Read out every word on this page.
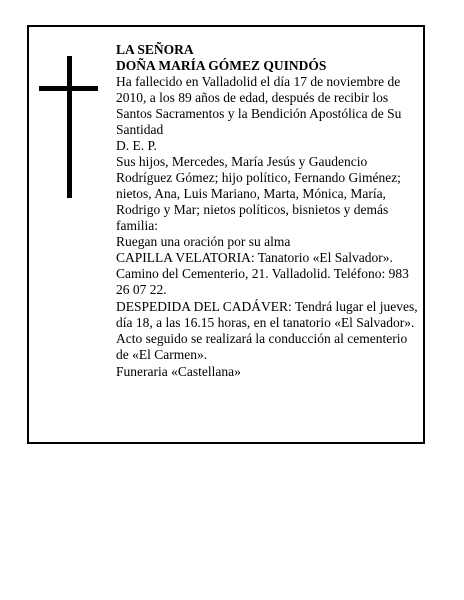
LA SEÑORA

DOÑA MARÍA GÓMEZ QUINDÓS

Ha fallecido en Valladolid el día 17 de noviembre de 2010, a los 89 años de edad, después de recibir los Santos Sacramentos y la Bendición Apostólica de Su Santidad

D. E. P.

Sus hijos, Mercedes, María Jesús y Gaudencio Rodríguez Gómez; hijo político, Fernando Giménez; nietos, Ana, Luis Mariano, Marta, Mónica, María, Rodrigo y Mar; nietos políticos, bisnietos y demás familia:

Ruegan una oración por su alma

CAPILLA VELATORIA: Tanatorio «El Salvador». Camino del Cementerio, 21. Valladolid. Teléfono: 983 26 07 22.

DESPEDIDA DEL CADÁVER: Tendrá lugar el jueves, día 18, a las 16.15 horas, en el tanatorio «El Salvador». Acto seguido se realizará la conducción al cementerio de «El Carmen».

Funeraria «Castellana»
